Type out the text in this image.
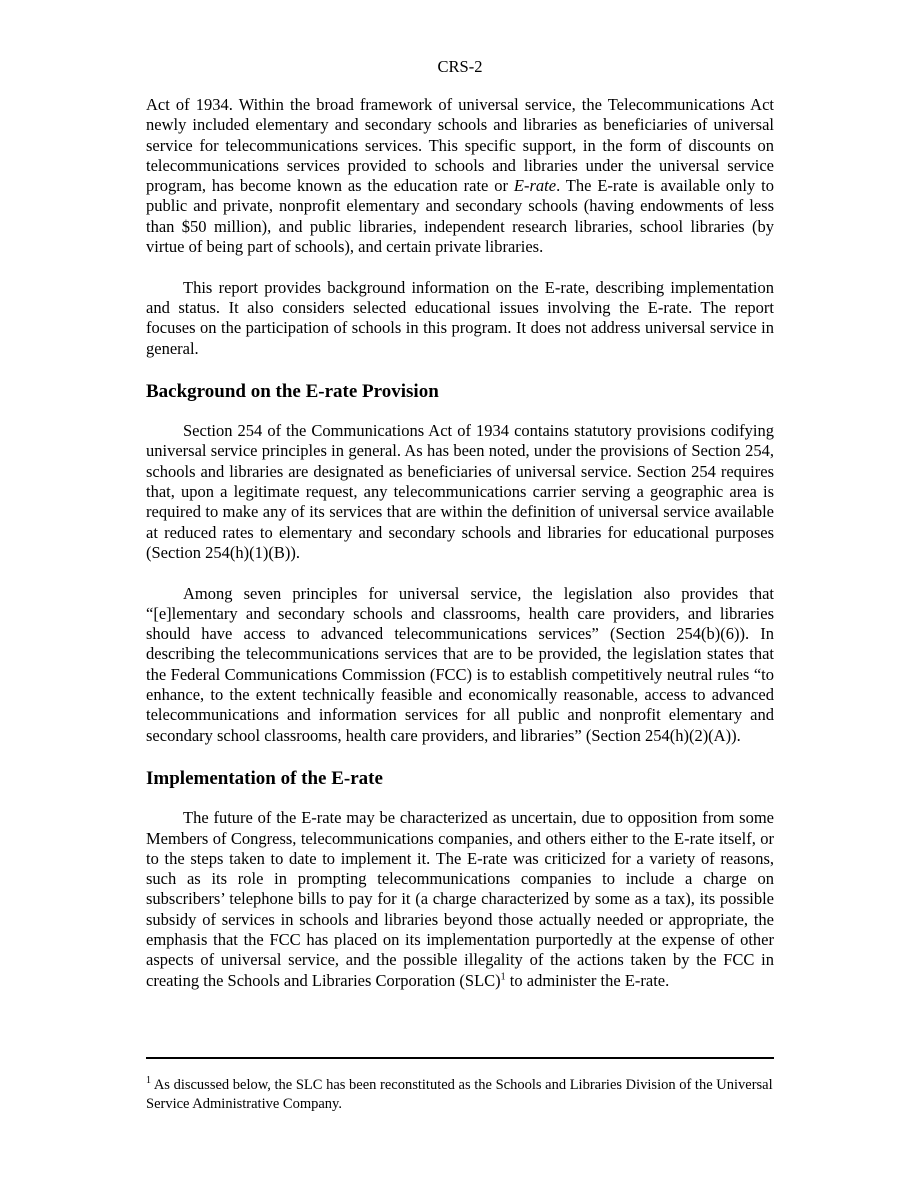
CRS-2

Act of 1934. Within the broad framework of universal service, the Telecommunications Act newly included elementary and secondary schools and libraries as beneficiaries of universal service for telecommunications services. This specific support, in the form of discounts on telecommunications services provided to schools and libraries under the universal service program, has become known as the education rate or E-rate. The E-rate is available only to public and private, nonprofit elementary and secondary schools (having endowments of less than $50 million), and public libraries, independent research libraries, school libraries (by virtue of being part of schools), and certain private libraries.

This report provides background information on the E-rate, describing implementation and status. It also considers selected educational issues involving the E-rate. The report focuses on the participation of schools in this program. It does not address universal service in general.

Background on the E-rate Provision

Section 254 of the Communications Act of 1934 contains statutory provisions codifying universal service principles in general. As has been noted, under the provisions of Section 254, schools and libraries are designated as beneficiaries of universal service. Section 254 requires that, upon a legitimate request, any telecommunications carrier serving a geographic area is required to make any of its services that are within the definition of universal service available at reduced rates to elementary and secondary schools and libraries for educational purposes (Section 254(h)(1)(B)).

Among seven principles for universal service, the legislation also provides that “[e]lementary and secondary schools and classrooms, health care providers, and libraries should have access to advanced telecommunications services” (Section 254(b)(6)). In describing the telecommunications services that are to be provided, the legislation states that the Federal Communications Commission (FCC) is to establish competitively neutral rules “to enhance, to the extent technically feasible and economically reasonable, access to advanced telecommunications and information services for all public and nonprofit elementary and secondary school classrooms, health care providers, and libraries” (Section 254(h)(2)(A)).

Implementation of the E-rate

The future of the E-rate may be characterized as uncertain, due to opposition from some Members of Congress, telecommunications companies, and others either to the E-rate itself, or to the steps taken to date to implement it. The E-rate was criticized for a variety of reasons, such as its role in prompting telecommunications companies to include a charge on subscribers’ telephone bills to pay for it (a charge characterized by some as a tax), its possible subsidy of services in schools and libraries beyond those actually needed or appropriate, the emphasis that the FCC has placed on its implementation purportedly at the expense of other aspects of universal service, and the possible illegality of the actions taken by the FCC in creating the Schools and Libraries Corporation (SLC)$^1$ to administer the E-rate.

$^1$ As discussed below, the SLC has been reconstituted as the Schools and Libraries Division of the Universal Service Administrative Company.
